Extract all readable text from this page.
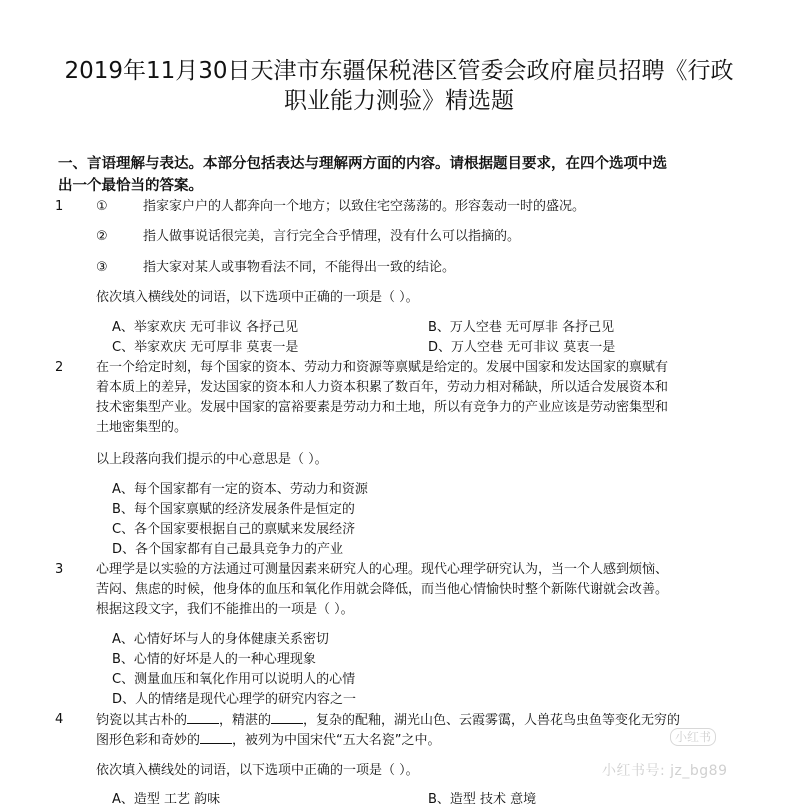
2019年11月30日天津市东疆保税港区管委会政府雇员招聘《行政
职业能力测验》精选题
一、言语理解与表达。本部分包括表达与理解两方面的内容。请根据题目要求，在四个选项中选
出一个最恰当的答案。
1	①	指家家户户的人都奔向一个地方；以致住宅空荡荡的。形容轰动一时的盛况。
②	指人做事说话很完美，言行完全合乎情理，没有什么可以指摘的。
③	指大家对某人或事物看法不同，不能得出一致的结论。
依次填入横线处的词语，以下选项中正确的一项是（ ）。
A、举家欢庆 无可非议 各抒己见	B、万人空巷 无可厚非 各抒己见
C、举家欢庆 无可厚非 莫衷一是	D、万人空巷 无可非议 莫衷一是
2	在一个给定时刻，每个国家的资本、劳动力和资源等禀赋是给定的。发展中国家和发达国家的禀赋有
着本质上的差异，发达国家的资本和人力资本积累了数百年，劳动力相对稀缺，所以适合发展资本和
技术密集型产业。发展中国家的富裕要素是劳动力和土地，所以有竞争力的产业应该是劳动密集型和
土地密集型的。
以上段落向我们提示的中心意思是（ ）。
A、每个国家都有一定的资本、劳动力和资源
B、每个国家禀赋的经济发展条件是恒定的
C、各个国家要根据自己的禀赋来发展经济
D、各个国家都有自己最具竞争力的产业
3	心理学是以实验的方法通过可测量因素来研究人的心理。现代心理学研究认为，当一个人感到烦恼、
苦闷、焦虑的时候，他身体的血压和氧化作用就会降低，而当他心情愉快时整个新陈代谢就会改善。
根据这段文字，我们不能推出的一项是（ ）。
A、心情好坏与人的身体健康关系密切
B、心情的好坏是人的一种心理现象
C、测量血压和氧化作用可以说明人的心情
D、人的情绪是现代心理学的研究内容之一
4	钧瓷以其古朴的 ，精湛的 ，复杂的配釉，湖光山色、云霞雾霭，人兽花鸟虫鱼等变化无穷的
图形色彩和奇妙的 ，被列为中国宋代“五大名瓷”之中。
依次填入横线处的词语，以下选项中正确的一项是（ ）。
A、造型 工艺 韵味	B、造型 技术 意境
小红书
小红书号: jz_bg89
